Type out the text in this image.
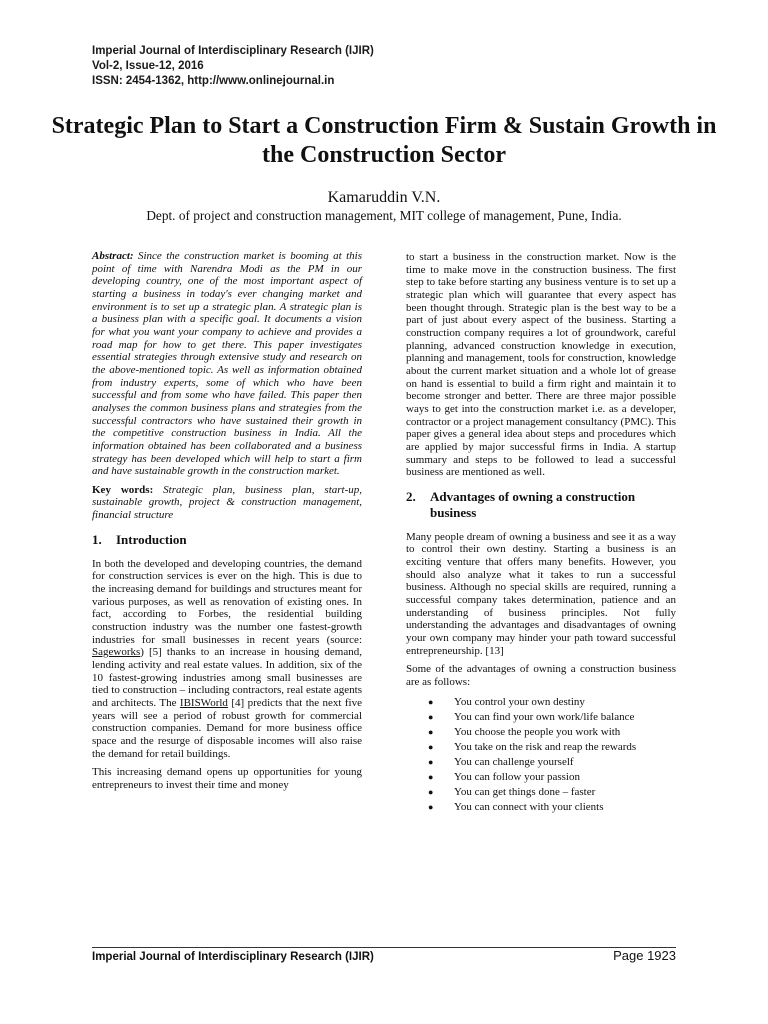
Imperial Journal of Interdisciplinary Research (IJIR)
Vol-2, Issue-12, 2016
ISSN: 2454-1362, http://www.onlinejournal.in
Strategic Plan to Start a Construction Firm & Sustain Growth in the Construction Sector
Kamaruddin V.N.
Dept. of project and construction management, MIT college of management, Pune, India.

Abstract: Since the construction market is booming at this point of time with Narendra Modi as the PM in our developing country, one of the most important aspect of starting a business in today's ever changing market and environment is to set up a strategic plan. A strategic plan is a business plan with a specific goal. It documents a vision for what you want your company to achieve and provides a road map for how to get there. This paper investigates essential strategies through extensive study and research on the above-mentioned topic. As well as information obtained from industry experts, some of which who have been successful and from some who have failed. This paper then analyses the common business plans and strategies from the successful contractors who have sustained their growth in the competitive construction business in India. All the information obtained has been collaborated and a business strategy has been developed which will help to start a firm and have sustainable growth in the construction market.

Key words: Strategic plan, business plan, start-up, sustainable growth, project & construction management, financial structure

1.	Introduction

In both the developed and developing countries, the demand for construction services is ever on the high. This is due to the increasing demand for buildings and structures meant for various purposes, as well as renovation of existing ones. In fact, according to Forbes, the residential building construction industry was the number one fastest-growth industries for small businesses in recent years (source: Sageworks) [5] thanks to an increase in housing demand, lending activity and real estate values. In addition, six of the 10 fastest-growing industries among small businesses are tied to construction – including contractors, real estate agents and architects. The IBISWorld [4] predicts that the next five years will see a period of robust growth for commercial construction companies. Demand for more business office space and the resurge of disposable incomes will also raise the demand for retail buildings.

This increasing demand opens up opportunities for young entrepreneurs to invest their time and money

to start a business in the construction market. Now is the time to make move in the construction business. The first step to take before starting any business venture is to set up a strategic plan which will guarantee that every aspect has been thought through. Strategic plan is the best way to be a part of just about every aspect of the business. Starting a construction company requires a lot of groundwork, careful planning, advanced construction knowledge in execution, planning and management, tools for construction, knowledge about the current market situation and a whole lot of grease on hand is essential to build a firm right and maintain it to become stronger and better. There are three major possible ways to get into the construction market i.e. as a developer, contractor or a project management consultancy (PMC). This paper gives a general idea about steps and procedures which are applied by major successful firms in India. A startup summary and steps to be followed to lead a successful business are mentioned as well.

2.	Advantages of owning a construction business

Many people dream of owning a business and see it as a way to control their own destiny. Starting a business is an exciting venture that offers many benefits. However, you should also analyze what it takes to run a successful business. Although no special skills are required, running a successful company takes determination, patience and an understanding of business principles. Not fully understanding the advantages and disadvantages of owning your own company may hinder your path toward successful entrepreneurship. [13]

Some of the advantages of owning a construction business are as follows:

● You control your own destiny
● You can find your own work/life balance
● You choose the people you work with
● You take on the risk and reap the rewards
● You can challenge yourself
● You can follow your passion
● You can get things done – faster
● You can connect with your clients
Imperial Journal of Interdisciplinary Research (IJIR)	Page 1923
